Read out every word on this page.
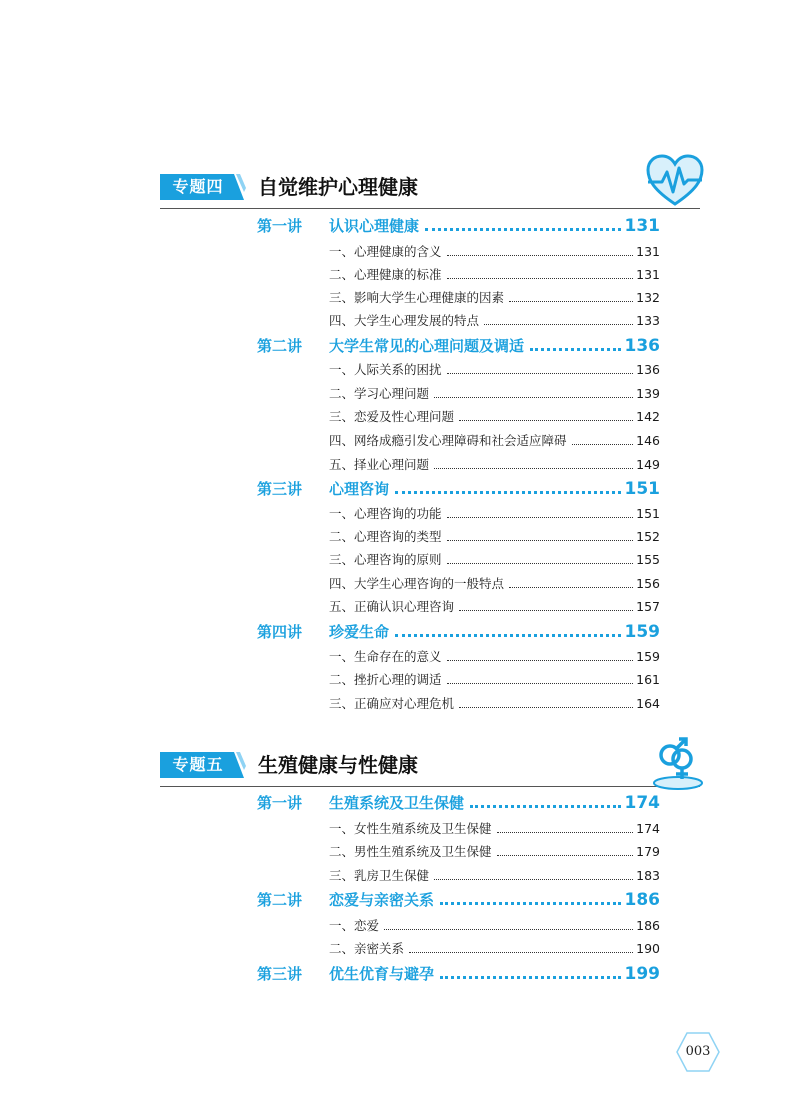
专题四	自觉维护心理健康
第一讲	认识心理健康	131
一、心理健康的含义	131
二、心理健康的标准	131
三、影响大学生心理健康的因素	132
四、大学生心理发展的特点	133
第二讲	大学生常见的心理问题及调适	136
一、人际关系的困扰	136
二、学习心理问题	139
三、恋爱及性心理问题	142
四、网络成瘾引发心理障碍和社会适应障碍	146
五、择业心理问题	149
第三讲	心理咨询	151
一、心理咨询的功能	151
二、心理咨询的类型	152
三、心理咨询的原则	155
四、大学生心理咨询的一般特点	156
五、正确认识心理咨询	157
第四讲	珍爱生命	159
一、生命存在的意义	159
二、挫折心理的调适	161
三、正确应对心理危机	164
专题五	生殖健康与性健康
第一讲	生殖系统及卫生保健	174
一、女性生殖系统及卫生保健	174
二、男性生殖系统及卫生保健	179
三、乳房卫生保健	183
第二讲	恋爱与亲密关系	186
一、恋爱	186
二、亲密关系	190
第三讲	优生优育与避孕	199
003
